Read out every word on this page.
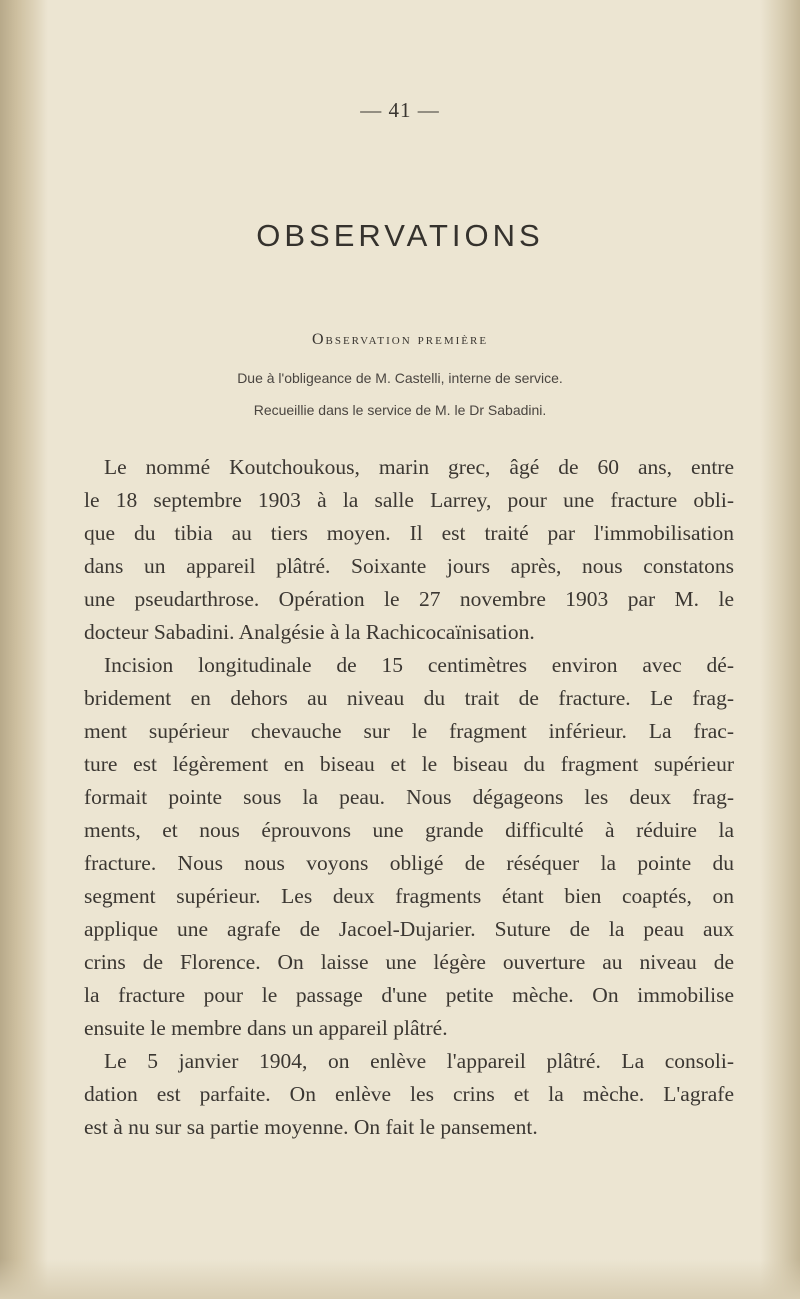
— 41 —
OBSERVATIONS
Observation première
Due à l'obligeance de M. Castelli, interne de service.
Recueillie dans le service de M. le Dr Sabadini.
Le nommé Koutchoukous, marin grec, âgé de 60 ans, entre
le 18 septembre 1903 à la salle Larrey, pour une fracture obli-
que du tibia au tiers moyen. Il est traité par l'immobilisation
dans un appareil plâtré. Soixante jours après, nous constatons
une pseudarthrose. Opération le 27 novembre 1903 par M. le
docteur Sabadini. Analgésie à la Rachicocaïnisation.
Incision longitudinale de 15 centimètres environ avec dé-
bridement en dehors au niveau du trait de fracture. Le frag-
ment supérieur chevauche sur le fragment inférieur. La frac-
ture est légèrement en biseau et le biseau du fragment supérieur
formait pointe sous la peau. Nous dégageons les deux frag-
ments, et nous éprouvons une grande difficulté à réduire la
fracture. Nous nous voyons obligé de réséquer la pointe du
segment supérieur. Les deux fragments étant bien coaptés, on
applique une agrafe de Jacoel-Dujarier. Suture de la peau aux
crins de Florence. On laisse une légère ouverture au niveau de
la fracture pour le passage d'une petite mèche. On immobilise
ensuite le membre dans un appareil plâtré.
Le 5 janvier 1904, on enlève l'appareil plâtré. La consoli-
dation est parfaite. On enlève les crins et la mèche. L'agrafe
est à nu sur sa partie moyenne. On fait le pansement.
